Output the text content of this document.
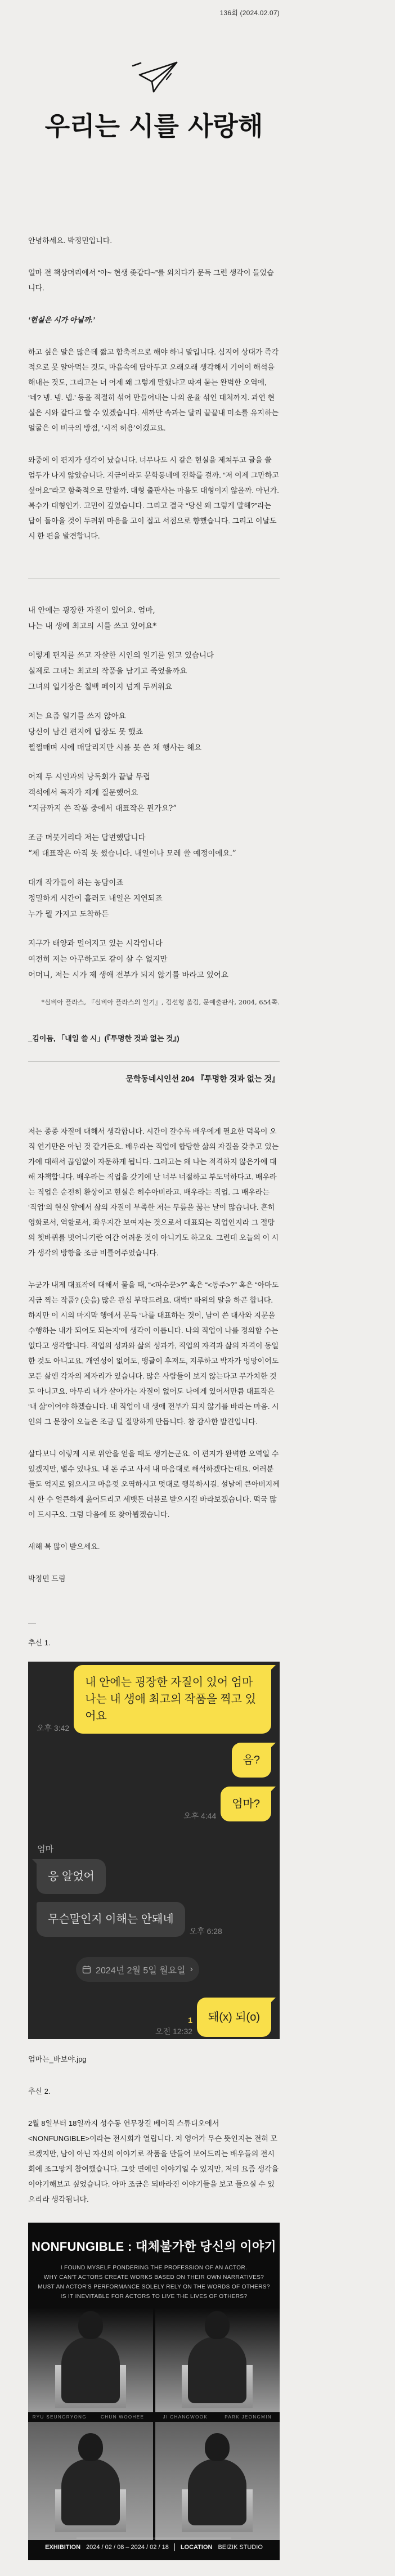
136회 (2024.02.07)
우리는 시를 사랑해

안녕하세요. 박정민입니다.

얼마 전 책상머리에서 “아~ 현생 좆같다~”를 외치다가 문득 그런 생각이 들었습니다.

‘현실은 시가 아닐까.’

하고 싶은 말은 많은데 짧고 함축적으로 해야 하니 말입니다. 심지어 상대가 즉각적으로 못 알아먹는 것도, 마음속에 담아두고 오래오래 생각해서 기어이 해석을 해내는 것도, 그리고는 너 어제 왜 그렇게 말했냐고 따져 묻는 완벽한 오역에, ‘네? 넹. 넴. 넵.’ 등을 적절히 섞어 만들어내는 나의 운율 섞인 대처까지. 과연 현실은 시와 같다고 할 수 있겠습니다. 새까만 속과는 달리 끝끝내 미소를 유지하는 얼굴은 이 비극의 방점, ‘시적 허용’이겠고요.

와중에 이 편지가 생각이 났습니다. 너무나도 시 같은 현실을 제쳐두고 글을 쓸 엄두가 나지 않았습니다. 지금이라도 문학동네에 전화를 걸까. “저 이제 그만하고 싶어요”라고 함축적으로 말할까. 대형 출판사는 마음도 대형이지 않을까. 아닌가. 복수가 대형인가. 고민이 깊었습니다. 그리고 결국 “당신 왜 그렇게 말해?”라는 답이 돌아올 것이 두려워 마음을 고이 접고 서점으로 향했습니다. 그리고 이날도 시 한 편을 발견합니다.

내 안에는 굉장한 자질이 있어요. 엄마,
나는 내 생에 최고의 시를 쓰고 있어요*
이렇게 편지를 쓰고 자살한 시인의 일기를 읽고 있습니다
실제로 그녀는 최고의 작품을 남기고 죽었을까요
그녀의 일기장은 칠백 페이지 넘게 두꺼워요
저는 요즘 일기를 쓰지 않아요
당신이 남긴 편지에 답장도 못 했죠
쩔쩔매며 시에 매달리지만 시를 못 쓴 채 행사는 해요
어제 두 시인과의 낭독회가 끝날 무렵
객석에서 독자가 제게 질문했어요
“지금까지 쓴 작품 중에서 대표작은 뭔가요?”
조금 머뭇거리다 저는 답변했답니다
“제 대표작은 아직 못 썼습니다. 내일이나 모레 쓸 예정이에요.”
대개 작가들이 하는 농담이죠
정밀하게 시간이 흘러도 내일은 지연되죠
누가 뭘 가지고 도착하든
지구가 태양과 멀어지고 있는 시각입니다
여전히 저는 아무하고도 같이 살 수 없지만
어머니, 저는 시가 제 생애 전부가 되지 않기를 바라고 있어요
*실비아 플라스, 『실비아 플라스의 일기』, 김선형 옮김, 문예출판사, 2004, 654쪽.
_김이듬, 「내일 쓸 시」(『투명한 것과 없는 것』)
문학동네시인선 204 『투명한 것과 없는 것』

저는 종종 자질에 대해서 생각합니다. 시간이 갈수록 배우에게 필요한 덕목이 오직 연기만은 아닌 것 같거든요. 배우라는 직업에 합당한 삶의 자질을 갖추고 있는가에 대해서 끊임없이 자문하게 됩니다. 그러고는 왜 나는 적격하지 않은가에 대해 자책합니다. 배우라는 직업을 갖기에 난 너무 너절하고 부도덕하다고. 배우라는 직업은 순전히 환상이고 현실은 허수아비라고. 배우라는 직업. 그 배우라는 ‘직업’의 현실 앞에서 삶의 자질이 부족한 저는 무릎을 꿇는 날이 많습니다. 흔히 영화로서, 역할로서, 좌우지간 보여지는 것으로서 대표되는 직업인지라 그 절망의 쳇바퀴를 벗어나기란 여간 어려운 것이 아니기도 하고요. 그런데 오늘의 이 시가 생각의 방향을 조금 비틀어주었습니다.

누군가 내게 대표작에 대해서 물을 때, “<파수꾼>?” 혹은 “<동주>?” 혹은 “아마도 지금 찍는 작품? (웃음) 많은 관심 부탁드려요. 대박!” 따위의 말을 하곤 합니다. 하지만 이 시의 마지막 행에서 문득 ‘나를 대표하는 것이, 남이 쓴 대사와 지문을 수행하는 내가 되어도 되는지’에 생각이 이릅니다. 나의 직업이 나를 정의할 수는 없다고 생각합니다. 직업의 성과와 삶의 성과가, 직업의 자격과 삶의 자격이 동일한 것도 아니고요. 개연성이 없어도, 앵글이 후져도, 지루하고 박자가 엉망이어도 모든 삶엔 각자의 제자리가 있습니다. 많은 사람들이 보지 않는다고 무가치한 것도 아니고요. 아무리 내가 살아가는 자질이 없어도 나에게 있어서만큼 대표작은 ‘내 삶’이어야 하겠습니다. 내 직업이 내 생애 전부가 되지 않기를 바라는 마음. 시인의 그 문장이 오늘은 조금 덜 절망하게 만듭니다. 참 감사한 발견입니다.

살다보니 이렇게 시로 위안을 얻을 때도 생기는군요. 이 편지가 완벽한 오역일 수 있겠지만, 별수 있나요. 내 돈 주고 사서 내 마음대로 해석하겠다는데요. 여러분들도 억지로 읽으시고 마음껏 오역하시고 멋대로 행복하시길. 설날에 큰아버지께 시 한 수 얼큰하게 읊어드리고 세뱃돈 더블로 받으시길 바라보겠습니다. 떡국 많이 드시구요. 그럼 다음에 또 찾아뵙겠습니다.

새해 복 많이 받으세요.

박정민 드림

—

추신 1.

오후 3:42
내 안에는 굉장한 자질이 있어 엄마
나는 내 생애 최고의 작품을 찍고 있어요
음?
오후 4:44
엄마?
엄마
응 알었어
무슨말인지 이해는 안돼네
오후 6:28
2024년 2월 5일 월요일 ›
1
오전 12:32
돼(x) 되(o)

엄마는_바보야.jpg

추신 2.

2월 8일부터 18일까지 성수동 연무장길 베이직 스튜디오에서 <NONFUNGIBLE>이라는 전시회가 열립니다. 저 영어가 무슨 뜻인지는 전혀 모르겠지만, 남이 아닌 자신의 이야기로 작품을 만들어 보여드리는 배우들의 전시회에 조그맣게 참여했습니다. 그깟 연예인 이야기일 수 있지만, 저의 요즘 생각을 이야기해보고 싶었습니다. 아마 조금은 되바라진 이야기들을 보고 들으실 수 있으리라 생각됩니다.

NONFUNGIBLE : 대체불가한 당신의 이야기
I FOUND MYSELF PONDERING THE PROFESSION OF AN ACTOR.
WHY CAN'T ACTORS CREATE WORKS BASED ON THEIR OWN NARRATIVES?
MUST AN ACTOR'S PERFORMANCE SOLELY RELY ON THE WORDS OF OTHERS?
IS IT INEVITABLE FOR ACTORS TO LIVE THE LIVES OF OTHERS?
RYU SEUNGRYONG	CHUN WOOHEE	JI CHANGWOOK	PARK JEONGMIN
EXHIBITION 2024 / 02 / 08 – 2024 / 02 / 18 LOCATION BEIZIK STUDIO
